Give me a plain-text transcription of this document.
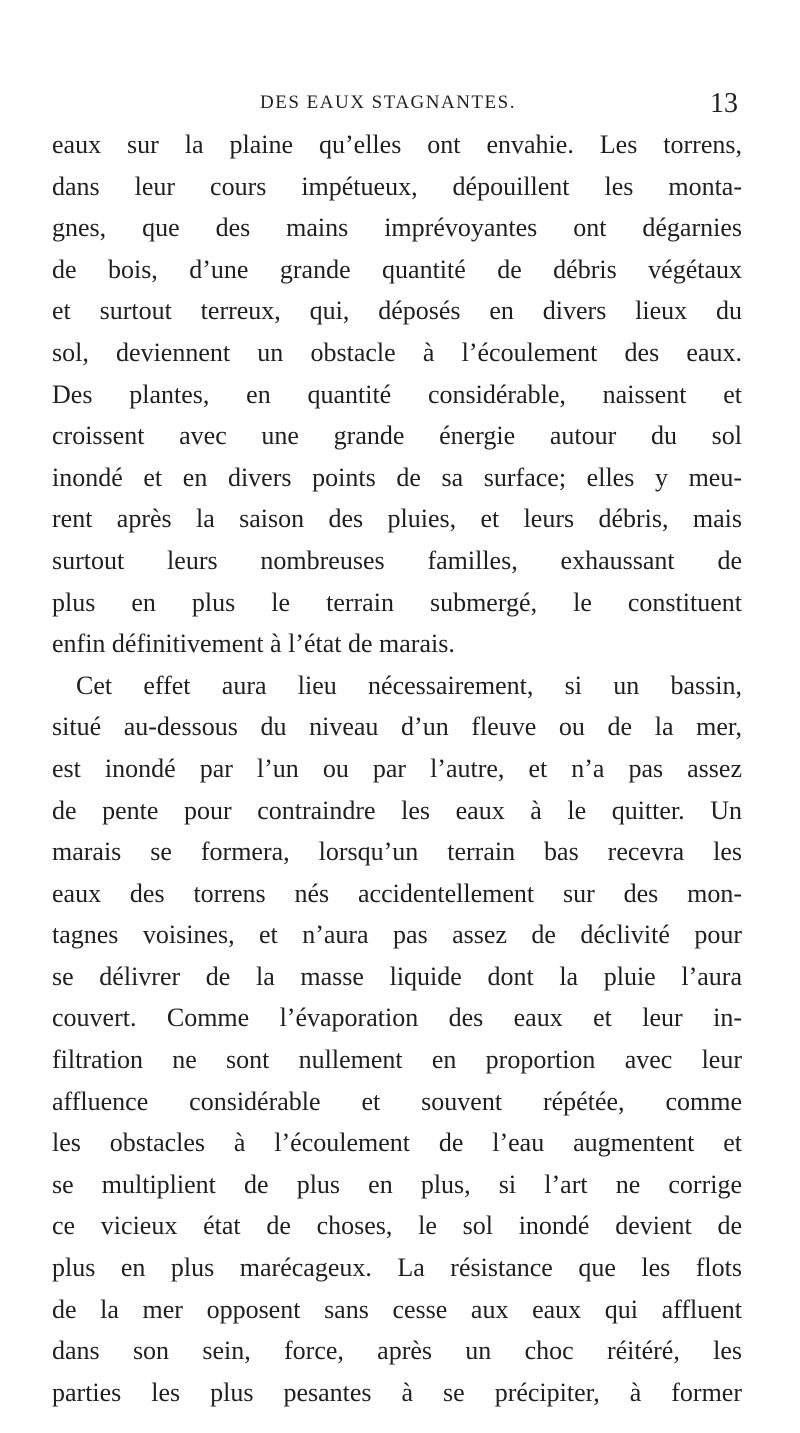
DES EAUX STAGNANTES.	13
eaux sur la plaine qu’elles ont envahie. Les torrens,
dans leur cours impétueux, dépouillent les monta-
gnes, que des mains imprévoyantes ont dégarnies
de bois, d’une grande quantité de débris végétaux
et surtout terreux, qui, déposés en divers lieux du
sol, deviennent un obstacle à l’écoulement des eaux.
Des plantes, en quantité considérable, naissent et
croissent avec une grande énergie autour du sol
inondé et en divers points de sa surface; elles y meu-
rent après la saison des pluies, et leurs débris, mais
surtout leurs nombreuses familles, exhaussant de
plus en plus le terrain submergé, le constituent
enfin définitivement à l’état de marais.
Cet effet aura lieu nécessairement, si un bassin,
situé au-dessous du niveau d’un fleuve ou de la mer,
est inondé par l’un ou par l’autre, et n’a pas assez
de pente pour contraindre les eaux à le quitter. Un
marais se formera, lorsqu’un terrain bas recevra les
eaux des torrens nés accidentellement sur des mon-
tagnes voisines, et n’aura pas assez de déclivité pour
se délivrer de la masse liquide dont la pluie l’aura
couvert. Comme l’évaporation des eaux et leur in-
filtration ne sont nullement en proportion avec leur
affluence considérable et souvent répétée, comme
les obstacles à l’écoulement de l’eau augmentent et
se multiplient de plus en plus, si l’art ne corrige
ce vicieux état de choses, le sol inondé devient de
plus en plus marécageux. La résistance que les flots
de la mer opposent sans cesse aux eaux qui affluent
dans son sein, force, après un choc réitéré, les
parties les plus pesantes à se précipiter, à former
